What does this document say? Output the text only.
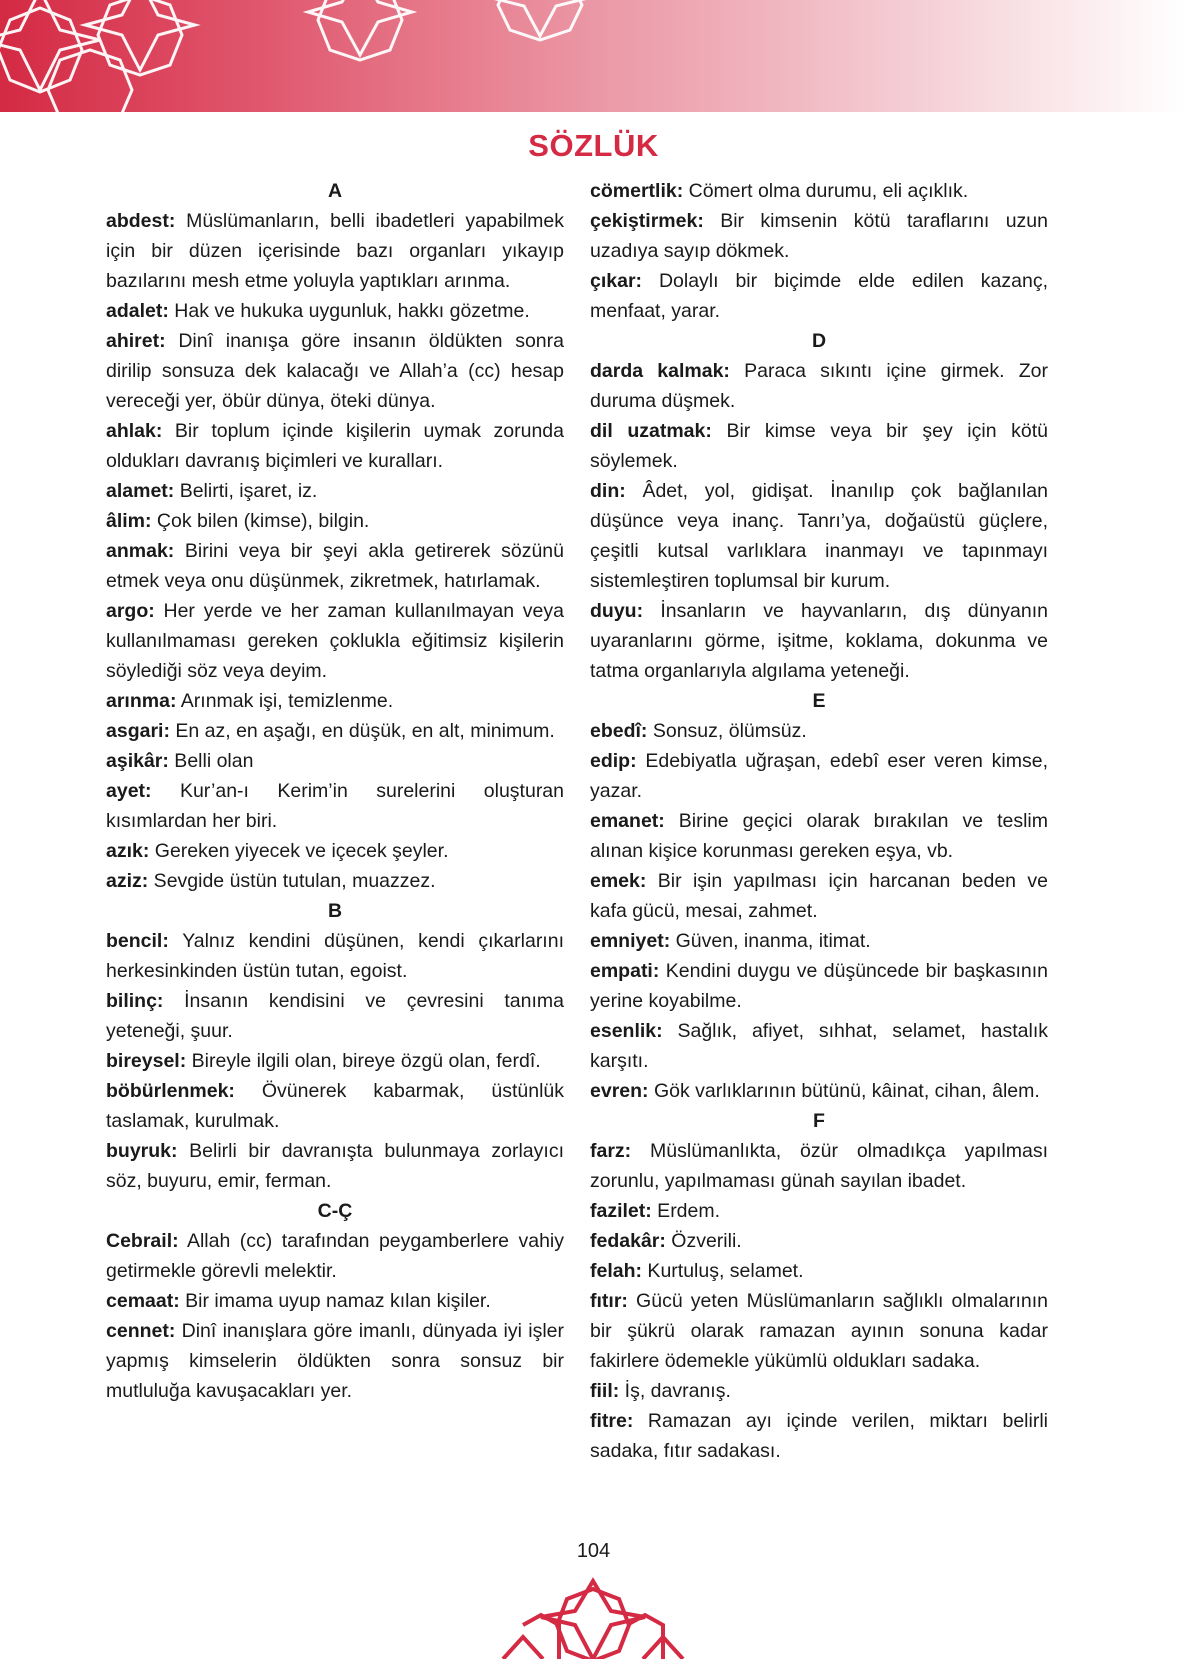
SÖZLÜK
A
abdest: Müslümanların, belli ibadetleri yapabilmek için bir düzen içerisinde bazı organları yıkayıp bazılarını mesh etme yoluyla yaptıkları arınma.
adalet: Hak ve hukuka uygunluk, hakkı gözetme.
ahiret: Dinî inanışa göre insanın öldükten sonra dirilip sonsuza dek kalacağı ve Allah’a (cc) hesap vereceği yer, öbür dünya, öteki dünya.
ahlak: Bir toplum içinde kişilerin uymak zorunda oldukları davranış biçimleri ve kuralları.
alamet: Belirti, işaret, iz.
âlim: Çok bilen (kimse), bilgin.
anmak: Birini veya bir şeyi akla getirerek sözünü etmek veya onu düşünmek, zikretmek, hatırlamak.
argo: Her yerde ve her zaman kullanılmayan veya kullanılmaması gereken çoklukla eğitimsiz kişilerin söylediği söz veya deyim.
arınma: Arınmak işi, temizlenme.
asgari: En az, en aşağı, en düşük, en alt, minimum.
aşikâr: Belli olan
ayet: Kur’an-ı Kerim’in surelerini oluşturan kısımlardan her biri.
azık: Gereken yiyecek ve içecek şeyler.
aziz: Sevgide üstün tutulan, muazzez.
B
bencil: Yalnız kendini düşünen, kendi çıkarlarını herkesinkinden üstün tutan, egoist.
bilinç: İnsanın kendisini ve çevresini tanıma yeteneği, şuur.
bireysel: Bireyle ilgili olan, bireye özgü olan, ferdî.
böbürlenmek: Övünerek kabarmak, üstünlük taslamak, kurulmak.
buyruk: Belirli bir davranışta bulunmaya zorlayıcı söz, buyuru, emir, ferman.
C-Ç
Cebrail: Allah (cc) tarafından peygamberlere vahiy getirmekle görevli melektir.
cemaat: Bir imama uyup namaz kılan kişiler.
cennet: Dinî inanışlara göre imanlı, dünyada iyi işler yapmış kimselerin öldükten sonra sonsuz bir mutluluğa kavuşacakları yer.
cömertlik: Cömert olma durumu, eli açıklık.
çekiştirmek: Bir kimsenin kötü taraflarını uzun uzadıya sayıp dökmek.
çıkar: Dolaylı bir biçimde elde edilen kazanç, menfaat, yarar.
D
darda kalmak: Paraca sıkıntı içine girmek. Zor duruma düşmek.
dil uzatmak: Bir kimse veya bir şey için kötü söylemek.
din: Âdet, yol, gidişat. İnanılıp çok bağlanılan düşünce veya inanç. Tanrı’ya, doğaüstü güçlere, çeşitli kutsal varlıklara inanmayı ve tapınmayı sistemleştiren toplumsal bir kurum.
duyu: İnsanların ve hayvanların, dış dünyanın uyaranlarını görme, işitme, koklama, dokunma ve tatma organlarıyla algılama yeteneği.
E
ebedî: Sonsuz, ölümsüz.
edip: Edebiyatla uğraşan, edebî eser veren kimse, yazar.
emanet: Birine geçici olarak bırakılan ve teslim alınan kişice korunması gereken eşya, vb.
emek: Bir işin yapılması için harcanan beden ve kafa gücü, mesai, zahmet.
emniyet: Güven, inanma, itimat.
empati: Kendini duygu ve düşüncede bir başkasının yerine koyabilme.
esenlik: Sağlık, afiyet, sıhhat, selamet, hastalık karşıtı.
evren: Gök varlıklarının bütünü, kâinat, cihan, âlem.
F
farz: Müslümanlıkta, özür olmadıkça yapılması zorunlu, yapılmaması günah sayılan ibadet.
fazilet: Erdem.
fedakâr: Özverili.
felah: Kurtuluş, selamet.
fıtır: Gücü yeten Müslümanların sağlıklı olmalarının bir şükrü olarak ramazan ayının sonuna kadar fakirlere ödemekle yükümlü oldukları sadaka.
fiil: İş, davranış.
fitre: Ramazan ayı içinde verilen, miktarı belirli sadaka, fıtır sadakası.
104
